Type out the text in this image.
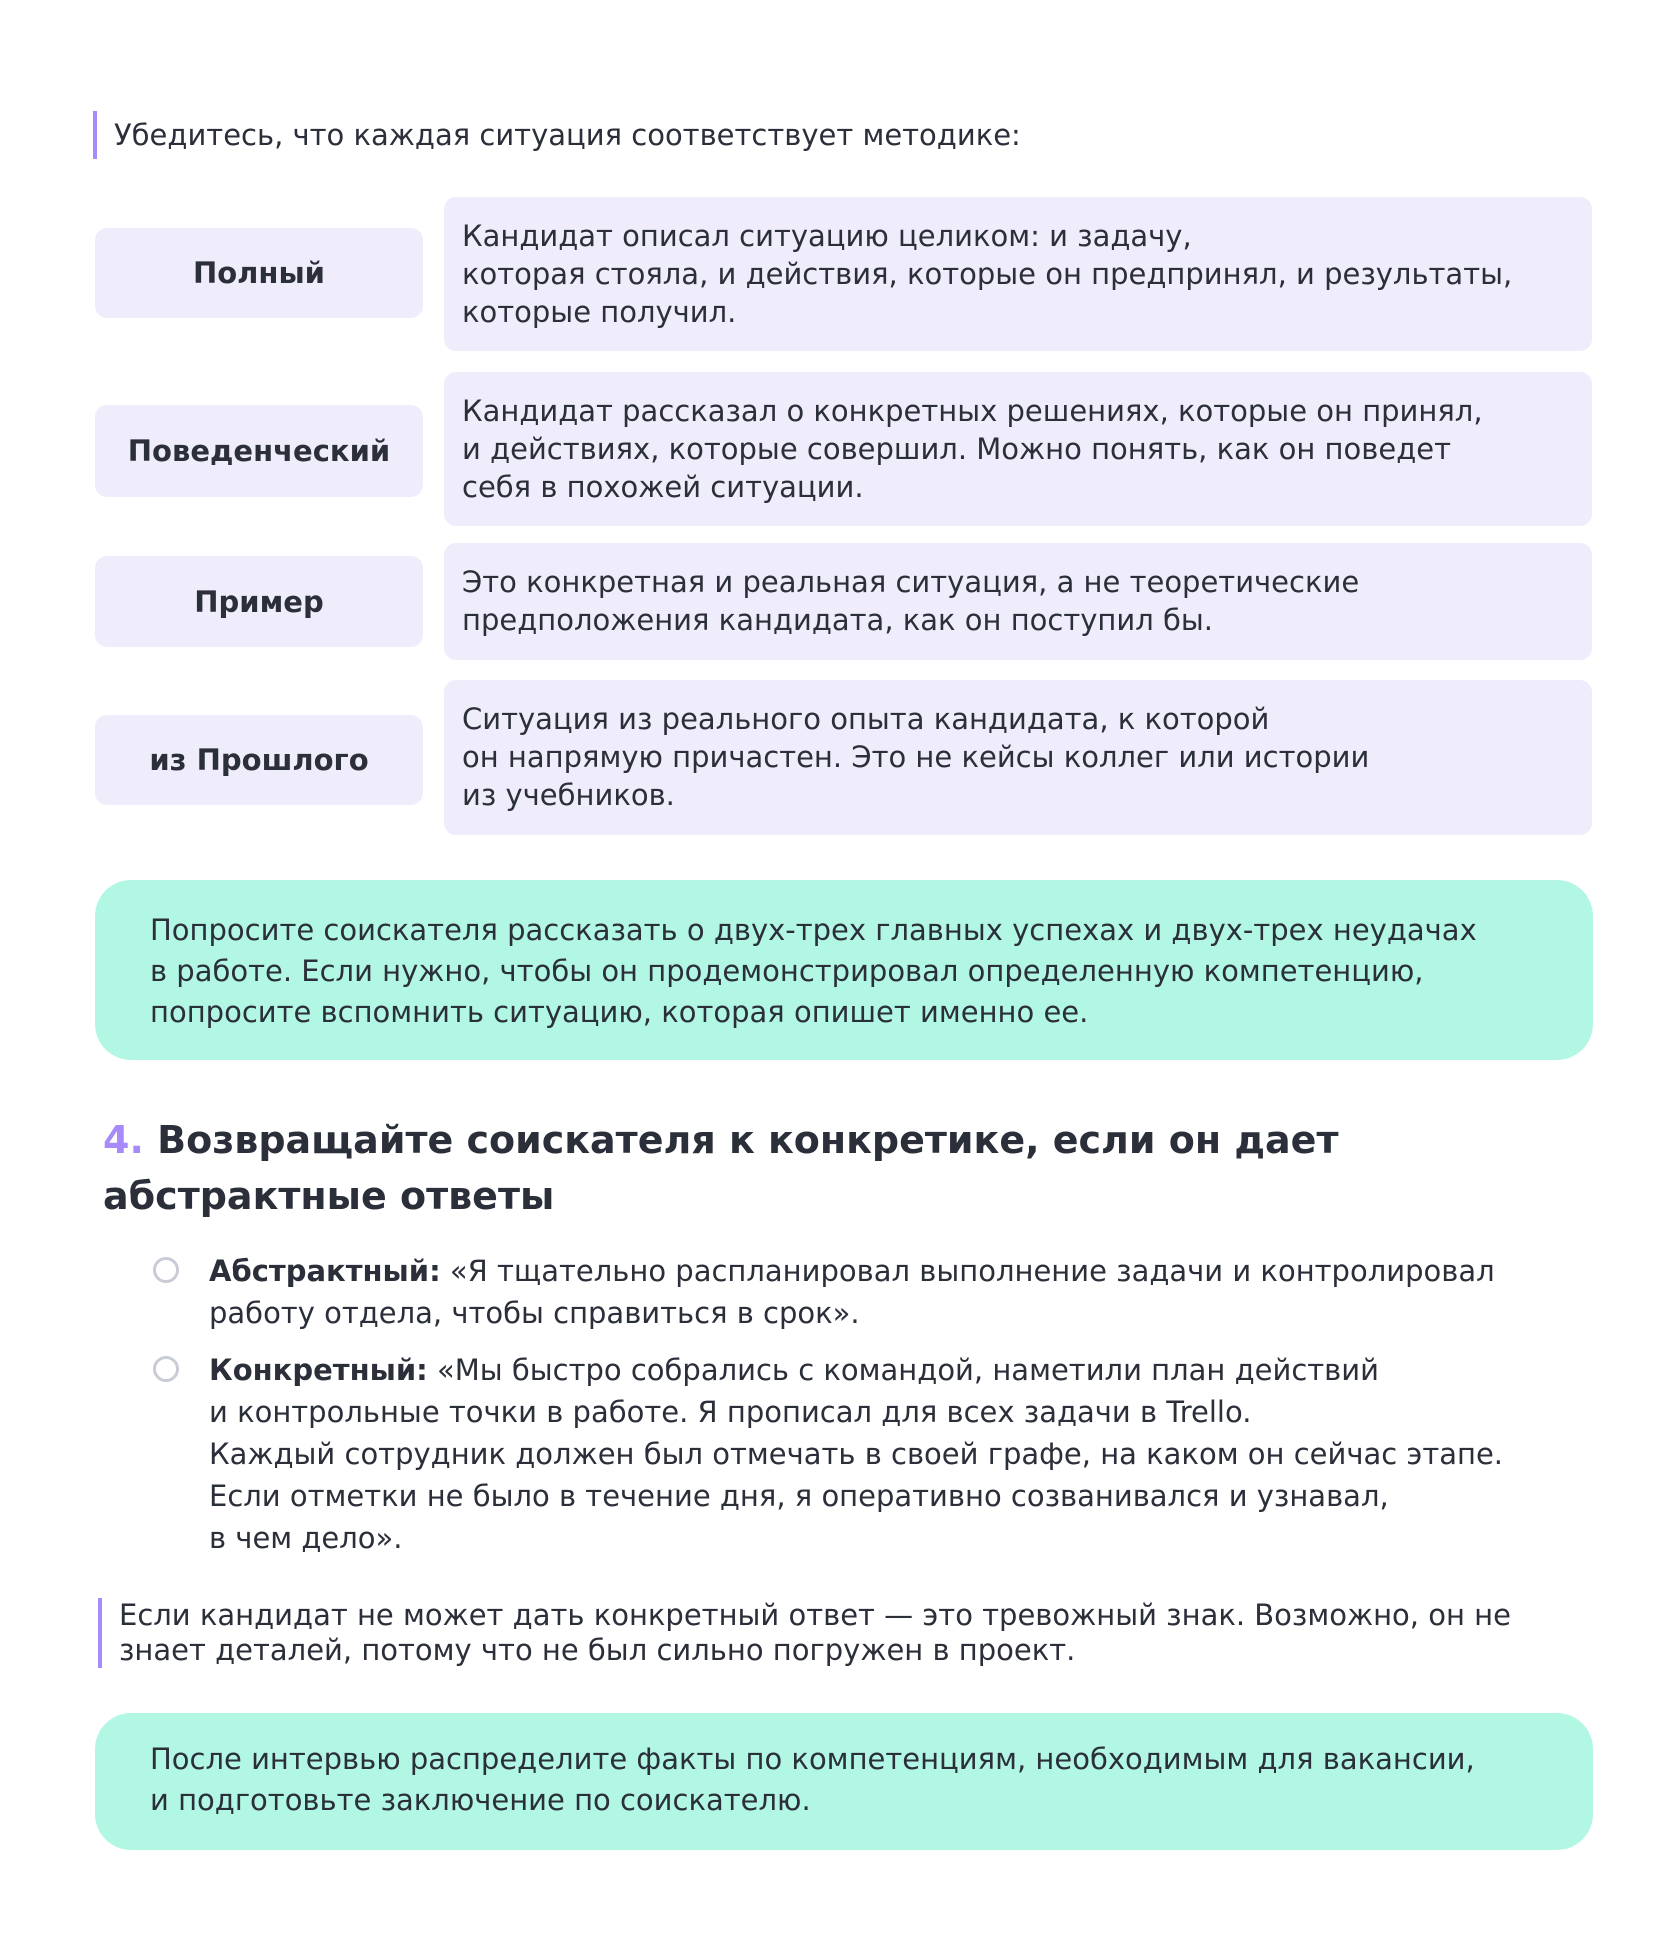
Убедитесь, что каждая ситуация соответствует методике:
Полный
Кандидат описал ситуацию целиком: и задачу,
которая стояла, и действия, которые он предпринял, и результаты,
которые получил.
Поведенческий
Кандидат рассказал о конкретных решениях, которые он принял,
и действиях, которые совершил. Можно понять, как он поведет
себя в похожей ситуации.
Пример
Это конкретная и реальная ситуация, а не теоретические
предположения кандидата, как он поступил бы.
из Прошлого
Ситуация из реального опыта кандидата, к которой
он напрямую причастен. Это не кейсы коллег или истории
из учебников.
Попросите соискателя рассказать о двух-трех главных успехах и двух-трех неудачах
в работе. Если нужно, чтобы он продемонстрировал определенную компетенцию,
попросите вспомнить ситуацию, которая опишет именно ее.
4. Возвращайте соискателя к конкретике, если он дает абстрактные ответы
Абстрактный: «Я тщательно распланировал выполнение задачи и контролировал
работу отдела, чтобы справиться в срок».
Конкретный: «Мы быстро собрались с командой, наметили план действий
и контрольные точки в работе. Я прописал для всех задачи в Trello.
Каждый сотрудник должен был отмечать в своей графе, на каком он сейчас этапе.
Если отметки не было в течение дня, я оперативно созванивался и узнавал,
в чем дело».
Если кандидат не может дать конкретный ответ — это тревожный знак. Возможно, он не знает деталей, потому что не был сильно погружен в проект.
После интервью распределите факты по компетенциям, необходимым для вакансии,
и подготовьте заключение по соискателю.
